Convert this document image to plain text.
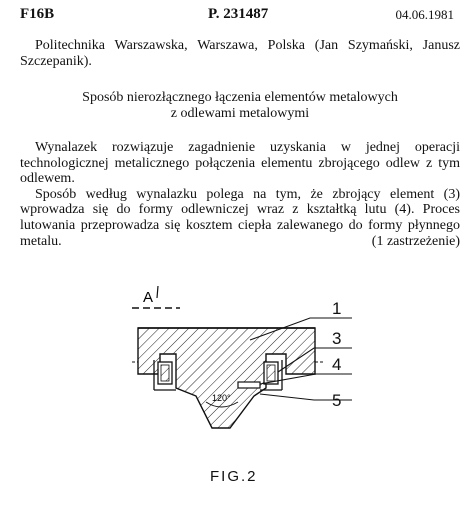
F16B	P. 231487	04.06.1981
Politechnika Warszawska, Warszawa, Polska (Jan Szymański, Janusz Szczepanik).
Sposób nierozłącznego łączenia elementów metalowych
z odlewami metalowymi

Wynalazek rozwiązuje zagadnienie uzyskania w jednej operacji technologicznej metalicznego połączenia elementu zbrojącego odlew z tym odlewem.

Sposób według wynalazku polega na tym, że zbrojący element (3) wprowadza się do formy odlewniczej wraz z kształtką lutu (4). Proces lutowania przeprowadza się kosztem ciepła zalewanego do formy płynnego metalu.	(1 zastrzeżenie)

A
120°
1
3
4
5
FIG.2
